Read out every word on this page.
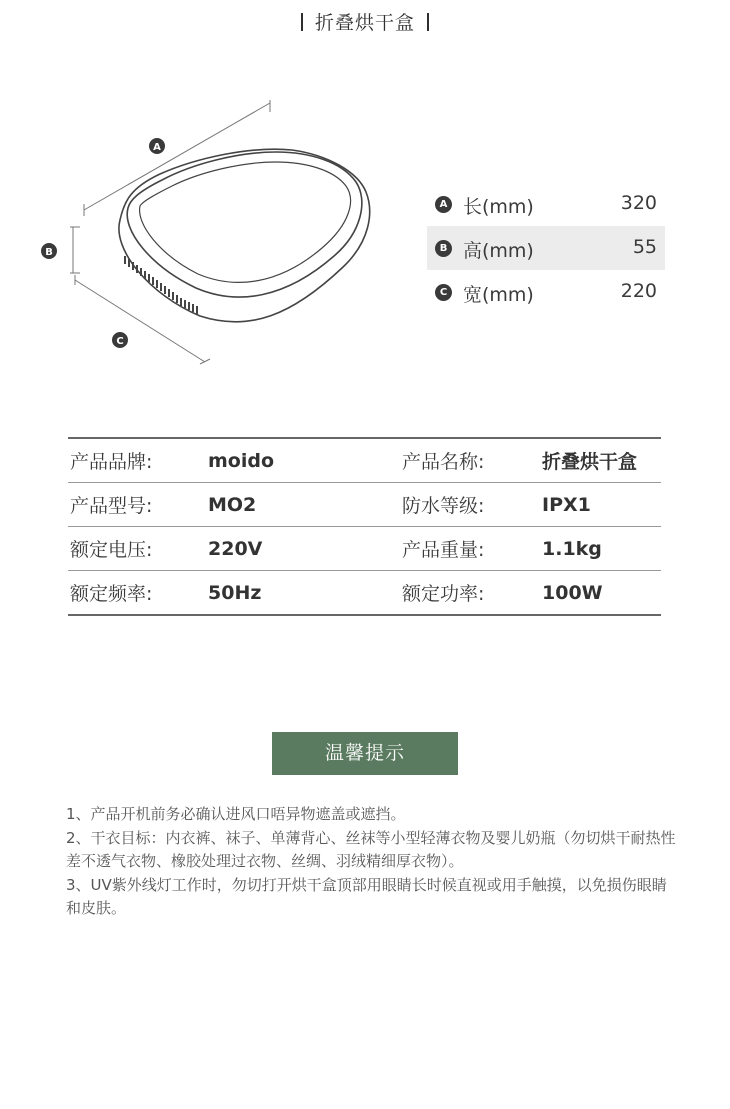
折叠烘干盒
A
B
C
A 长(mm)	320
B 高(mm)	55
C 宽(mm)	220
产品品牌:	moido	产品名称:	折叠烘干盒
产品型号:	MO2	防水等级:	IPX1
额定电压:	220V	产品重量:	1.1kg
额定频率:	50Hz	额定功率:	100W
温馨提示

1、产品开机前务必确认进风口唔异物遮盖或遮挡。

2、干衣目标：内衣裤、袜子、单薄背心、丝袜等小型轻薄衣物及婴儿奶瓶（勿切烘干耐热性差不透气衣物、橡胶处理过衣物、丝绸、羽绒精细厚衣物）。

3、UV紫外线灯工作时，勿切打开烘干盒顶部用眼睛长时候直视或用手触摸，以免损伤眼睛和皮肤。
